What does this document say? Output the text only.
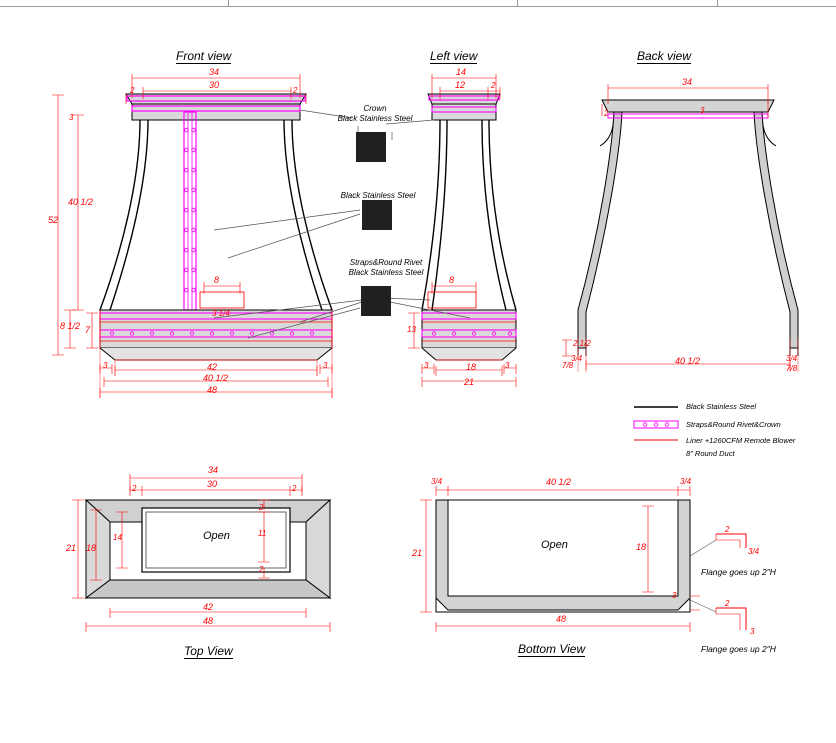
Front view	Left view	Back view
Top View	Bottom View
34
30
2	2
3
52
40 1/2
8
3 1/4
8 1/2 7
3	3
42
40 1/2
48
14
12	2
8
13
3	3
18
21
34
2	3
3/4
2 1/2
7/8	40 1/2	3/4
7/8
34
30
2	2
21 18
14	11
2
2
42
48
Open
3/4	40 1/2	3/4
21
18
3
48
Open
2
3/4
Flange goes up 2"H
2
3
Flange goes up 2"H
Crown
Black Stainless Steel
Black Stainless Steel
Straps&Round Rivet
Black Stainless Steel
Black Stainless Steel
Straps&Round Rivet&Crown
Liner +1260CFM Remote Blower
8" Round Duct
